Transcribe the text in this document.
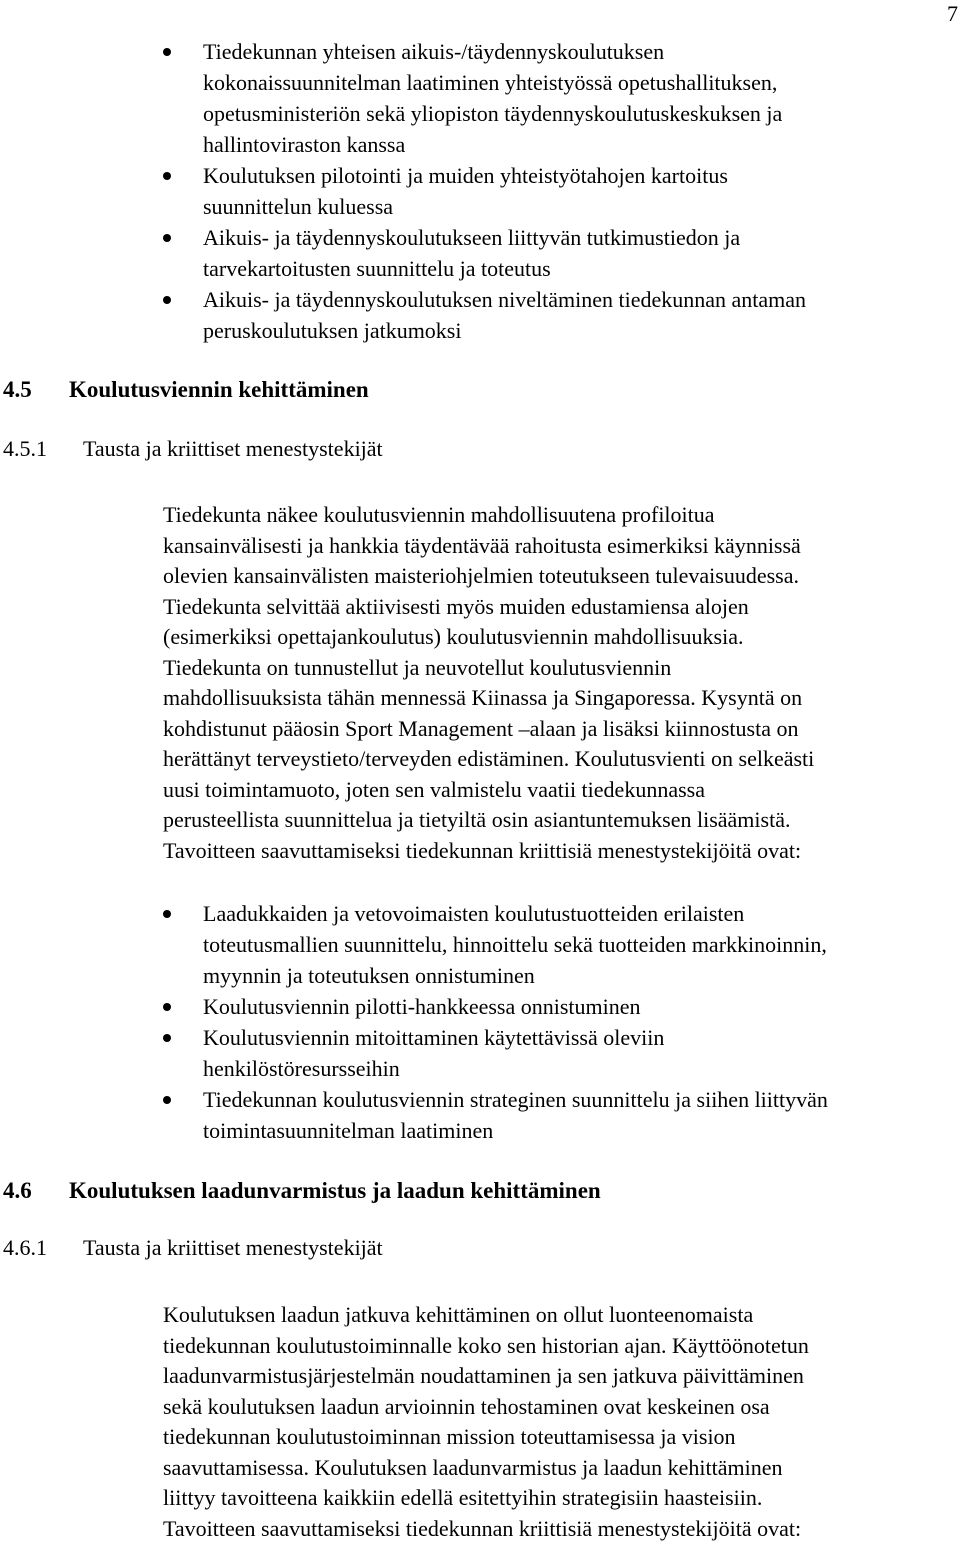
7
Tiedekunnan yhteisen aikuis-/täydennyskoulutuksen
kokonaissuunnitelman laatiminen yhteistyössä opetushallituksen,
opetusministeriön sekä yliopiston täydennyskoulutuskeskuksen ja
hallintoviraston kanssa
Koulutuksen pilotointi ja muiden yhteistyötahojen kartoitus
suunnittelun kuluessa
Aikuis- ja täydennyskoulutukseen liittyvän tutkimustiedon ja
tarvekartoitusten suunnittelu ja toteutus
Aikuis- ja täydennyskoulutuksen niveltäminen tiedekunnan antaman
peruskoulutuksen jatkumoksi
4.5 Koulutusviennin kehittäminen
4.5.1 Tausta ja kriittiset menestystekijät

Tiedekunta näkee koulutusviennin mahdollisuutena profiloitua
kansainvälisesti ja hankkia täydentävää rahoitusta esimerkiksi käynnissä
olevien kansainvälisten maisteriohjelmien toteutukseen tulevaisuudessa.
Tiedekunta selvittää aktiivisesti myös muiden edustamiensa alojen
(esimerkiksi opettajankoulutus) koulutusviennin mahdollisuuksia.
Tiedekunta on tunnustellut ja neuvotellut koulutusviennin
mahdollisuuksista tähän mennessä Kiinassa ja Singaporessa. Kysyntä on
kohdistunut pääosin Sport Management –alaan ja lisäksi kiinnostusta on
herättänyt terveystieto/terveyden edistäminen. Koulutusvienti on selkeästi
uusi toimintamuoto, joten sen valmistelu vaatii tiedekunnassa
perusteellista suunnittelua ja tietyiltä osin asiantuntemuksen lisäämistä.
Tavoitteen saavuttamiseksi tiedekunnan kriittisiä menestystekijöitä ovat:

Laadukkaiden ja vetovoimaisten koulutustuotteiden erilaisten
toteutusmallien suunnittelu, hinnoittelu sekä tuotteiden markkinoinnin,
myynnin ja toteutuksen onnistuminen
Koulutusviennin pilotti-hankkeessa onnistuminen
Koulutusviennin mitoittaminen käytettävissä oleviin
henkilöstöresursseihin
Tiedekunnan koulutusviennin strateginen suunnittelu ja siihen liittyvän
toimintasuunnitelman laatiminen
4.6 Koulutuksen laadunvarmistus ja laadun kehittäminen
4.6.1 Tausta ja kriittiset menestystekijät

Koulutuksen laadun jatkuva kehittäminen on ollut luonteenomaista
tiedekunnan koulutustoiminnalle koko sen historian ajan. Käyttöönotetun
laadunvarmistusjärjestelmän noudattaminen ja sen jatkuva päivittäminen
sekä koulutuksen laadun arvioinnin tehostaminen ovat keskeinen osa
tiedekunnan koulutustoiminnan mission toteuttamisessa ja vision
saavuttamisessa. Koulutuksen laadunvarmistus ja laadun kehittäminen
liittyy tavoitteena kaikkiin edellä esitettyihin strategisiin haasteisiin.
Tavoitteen saavuttamiseksi tiedekunnan kriittisiä menestystekijöitä ovat:
